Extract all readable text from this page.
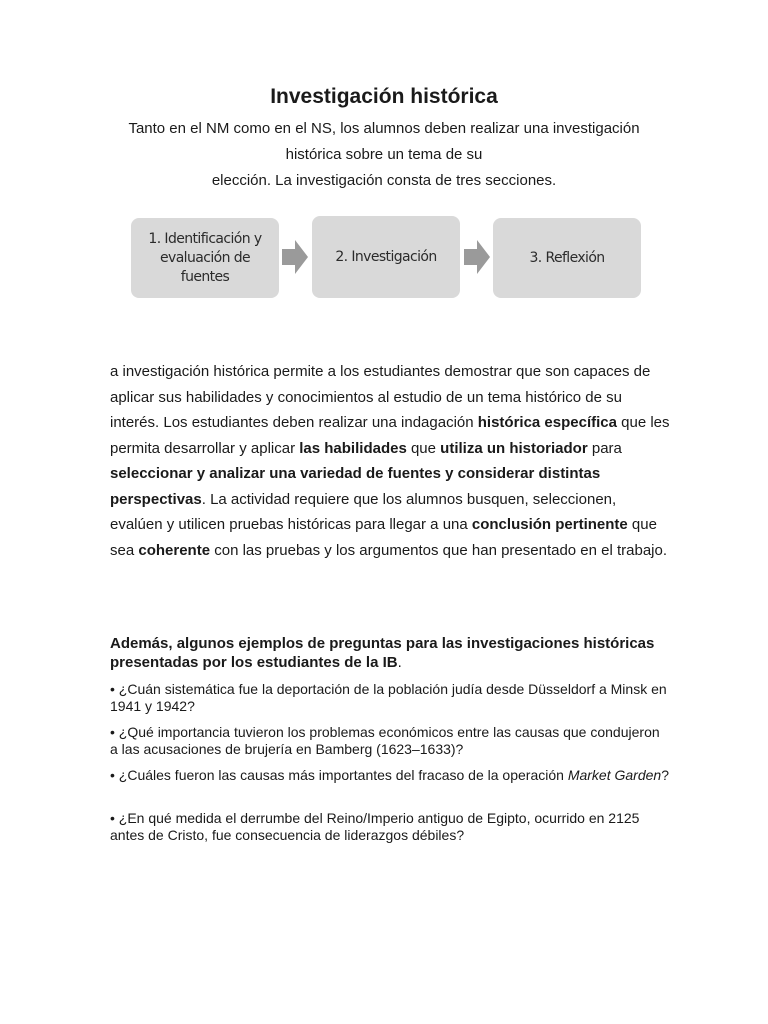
Investigación histórica

Tanto en el NM como en el NS, los alumnos deben realizar una investigación
histórica sobre un tema de su
elección. La investigación consta de tres secciones.

1. Identificación y
evaluación de fuentes
2. Investigación	3. Reflexión

a investigación histórica permite a los estudiantes demostrar que son capaces de aplicar sus habilidades y conocimientos al estudio de un tema histórico de su interés. Los estudiantes deben realizar una indagación histórica específica que les permita desarrollar y aplicar las habilidades que utiliza un historiador para seleccionar y analizar una variedad de fuentes y considerar distintas perspectivas. La actividad requiere que los alumnos busquen, seleccionen, evalúen y utilicen pruebas históricas para llegar a una conclusión pertinente que sea coherente con las pruebas y los argumentos que han presentado en el trabajo.

Además, algunos ejemplos de preguntas para las investigaciones históricas presentadas por los estudiantes de la IB.

• ¿Cuán sistemática fue la deportación de la población judía desde Düsseldorf a Minsk en 1941 y 1942?

• ¿Qué importancia tuvieron los problemas económicos entre las causas que condujeron a las acusaciones de brujería en Bamberg (1623–1633)?

• ¿Cuáles fueron las causas más importantes del fracaso de la operación Market Garden?

• ¿En qué medida el derrumbe del Reino/Imperio antiguo de Egipto, ocurrido en 2125 antes de Cristo, fue consecuencia de liderazgos débiles?
